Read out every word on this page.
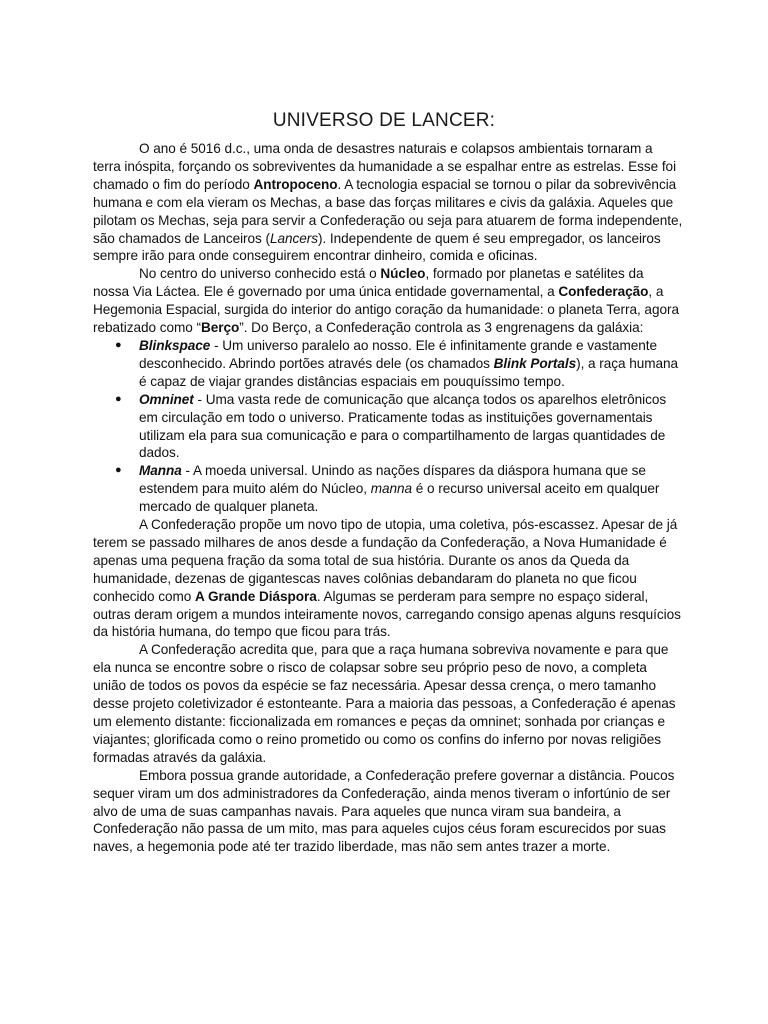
UNIVERSO DE LANCER:

O ano é 5016 d.c., uma onda de desastres naturais e colapsos ambientais tornaram a terra inóspita, forçando os sobreviventes da humanidade a se espalhar entre as estrelas. Esse foi chamado o fim do período Antropoceno. A tecnologia espacial se tornou o pilar da sobrevivência humana e com ela vieram os Mechas, a base das forças militares e civis da galáxia. Aqueles que pilotam os Mechas, seja para servir a Confederação ou seja para atuarem de forma independente, são chamados de Lanceiros (Lancers). Independente de quem é seu empregador, os lanceiros sempre irão para onde conseguirem encontrar dinheiro, comida e oficinas.

No centro do universo conhecido está o Núcleo, formado por planetas e satélites da nossa Via Láctea. Ele é governado por uma única entidade governamental, a Confederação, a Hegemonia Espacial, surgida do interior do antigo coração da humanidade: o planeta Terra, agora rebatizado como “Berço”. Do Berço, a Confederação controla as 3 engrenagens da galáxia:

● Blinkspace - Um universo paralelo ao nosso. Ele é infinitamente grande e vastamente desconhecido. Abrindo portões através dele (os chamados Blink Portals), a raça humana é capaz de viajar grandes distâncias espaciais em pouquíssimo tempo.
● Omninet - Uma vasta rede de comunicação que alcança todos os aparelhos eletrônicos em circulação em todo o universo. Praticamente todas as instituições governamentais utilizam ela para sua comunicação e para o compartilhamento de largas quantidades de dados.
● Manna - A moeda universal. Unindo as nações díspares da diáspora humana que se estendem para muito além do Núcleo, manna é o recurso universal aceito em qualquer mercado de qualquer planeta.

A Confederação propõe um novo tipo de utopia, uma coletiva, pós-escassez. Apesar de já terem se passado milhares de anos desde a fundação da Confederação, a Nova Humanidade é apenas uma pequena fração da soma total de sua história. Durante os anos da Queda da humanidade, dezenas de gigantescas naves colônias debandaram do planeta no que ficou conhecido como A Grande Diáspora. Algumas se perderam para sempre no espaço sideral, outras deram origem a mundos inteiramente novos, carregando consigo apenas alguns resquícios da história humana, do tempo que ficou para trás.

A Confederação acredita que, para que a raça humana sobreviva novamente e para que ela nunca se encontre sobre o risco de colapsar sobre seu próprio peso de novo, a completa união de todos os povos da espécie se faz necessária. Apesar dessa crença, o mero tamanho desse projeto coletivizador é estonteante. Para a maioria das pessoas, a Confederação é apenas um elemento distante: ficcionalizada em romances e peças da omninet; sonhada por crianças e viajantes; glorificada como o reino prometido ou como os confins do inferno por novas religiões formadas através da galáxia.

Embora possua grande autoridade, a Confederação prefere governar a distância. Poucos sequer viram um dos administradores da Confederação, ainda menos tiveram o infortúnio de ser alvo de uma de suas campanhas navais. Para aqueles que nunca viram sua bandeira, a Confederação não passa de um mito, mas para aqueles cujos céus foram escurecidos por suas naves, a hegemonia pode até ter trazido liberdade, mas não sem antes trazer a morte.
